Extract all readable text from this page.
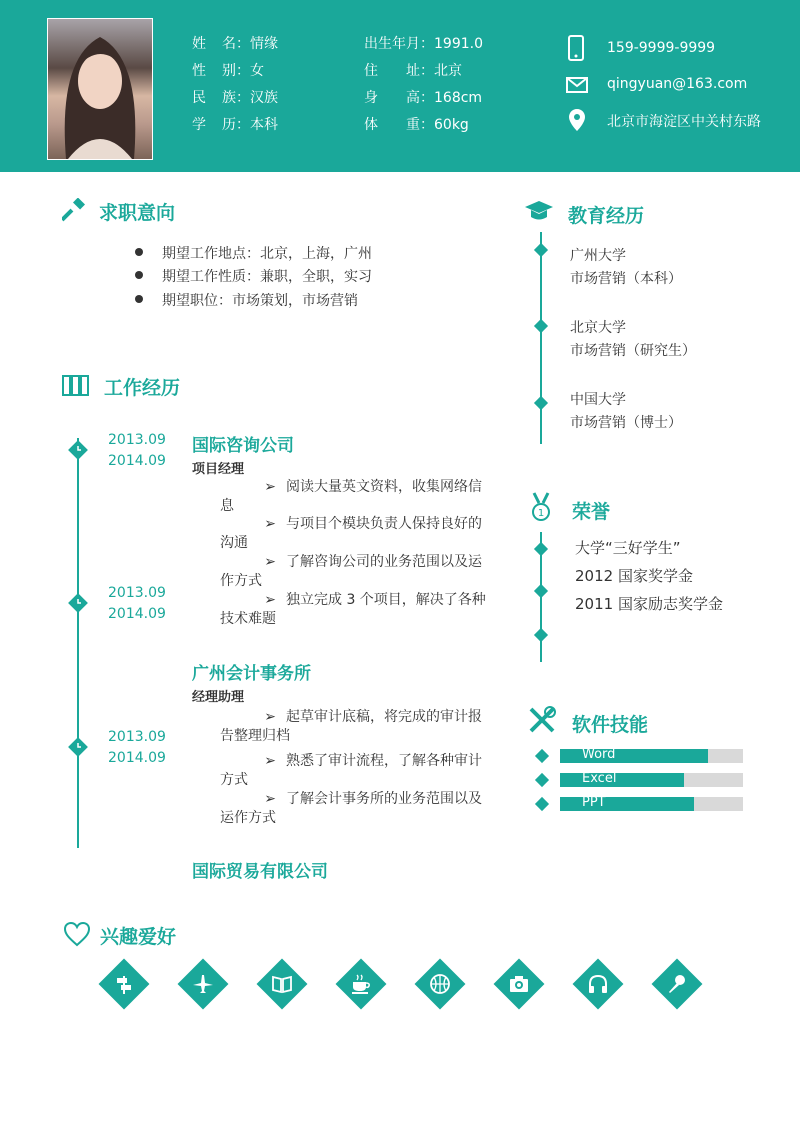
姓　名：情缘
性　别：女
民　族：汉族
学　历：本科
出生年月：1991.0
住　址：北京
身　高：168cm
体　重：60kg
159-9999-9999
qingyuan@163.com
北京市海淀区中关村东路
求职意向
期望工作地点：北京，上海，广州
期望工作性质：兼职，全职，实习
期望职位：市场策划，市场营销
工作经历
2013.09
2014.09
2013.09
2014.09
2013.09
2014.09
国际咨询公司
项目经理
➢ 阅读大量英文资料，收集网络信息
➢ 与项目个模块负责人保持良好的沟通
➢ 了解咨询公司的业务范围以及运作方式
➢ 独立完成 3 个项目，解决了各种技术难题
广州会计事务所
经理助理
➢ 起草审计底稿，将完成的审计报告整理归档
➢ 熟悉了审计流程，了解各种审计方式
➢ 了解会计事务所的业务范围以及运作方式
国际贸易有限公司
教育经历
广州大学
市场营销（本科）
北京大学
市场营销（研究生）
中国大学
市场营销（博士）
1 荣誉
大学“三好学生”
2012 国家奖学金
2011 国家励志奖学金
软件技能
Word
Excel
PPT
兴趣爱好
